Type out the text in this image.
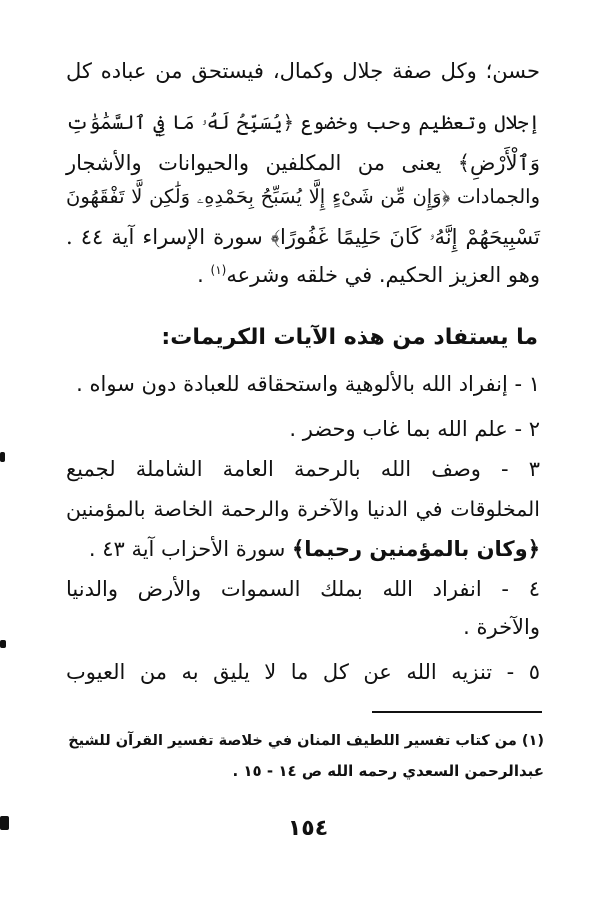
حسن؛ وكل صفة جلال وكمال، فيستحق من عباده كل
إجلال وتعظيم وحب وخضوع ﴿يُسَبِّحُ لَهُۥ مَا فِي ٱلسَّمَٰوَٰتِ
وَٱلْأَرْضِ﴾ يعنى من المكلفين والحيوانات والأشجار
والجمادات ﴿وَإِن مِّن شَىْءٍ إِلَّا يُسَبِّحُ بِحَمْدِهِۦ وَلَٰكِن لَّا تَفْقَهُونَ
تَسْبِيحَهُمْ إِنَّهُۥ كَانَ حَلِيمًا غَفُورًا﴾ سورة الإسراء آية ٤٤ .
وهو العزيز الحكيم. في خلقه وشرعه$^{(١)}$ .
ما يستفاد من هذه الآيات الكريمات:
١ - إنفراد الله بالألوهية واستحقاقه للعبادة دون سواه .
٢ - علم الله بما غاب وحضر .
٣ - وصف الله بالرحمة العامة الشاملة لجميع
المخلوقات في الدنيا والآخرة والرحمة الخاصة بالمؤمنين
﴿وكان بالمؤمنين رحيما﴾ سورة الأحزاب آية ٤٣ .
٤ - انفراد الله بملك السموات والأرض والدنيا
والآخرة .
٥ - تنزيه الله عن كل ما لا يليق به من العيوب
(١) من كتاب تفسير اللطيف المنان في خلاصة تفسير القرآن للشيخ
عبدالرحمن السعدي رحمه الله ص ١٤ - ١٥ .
١٥٤
